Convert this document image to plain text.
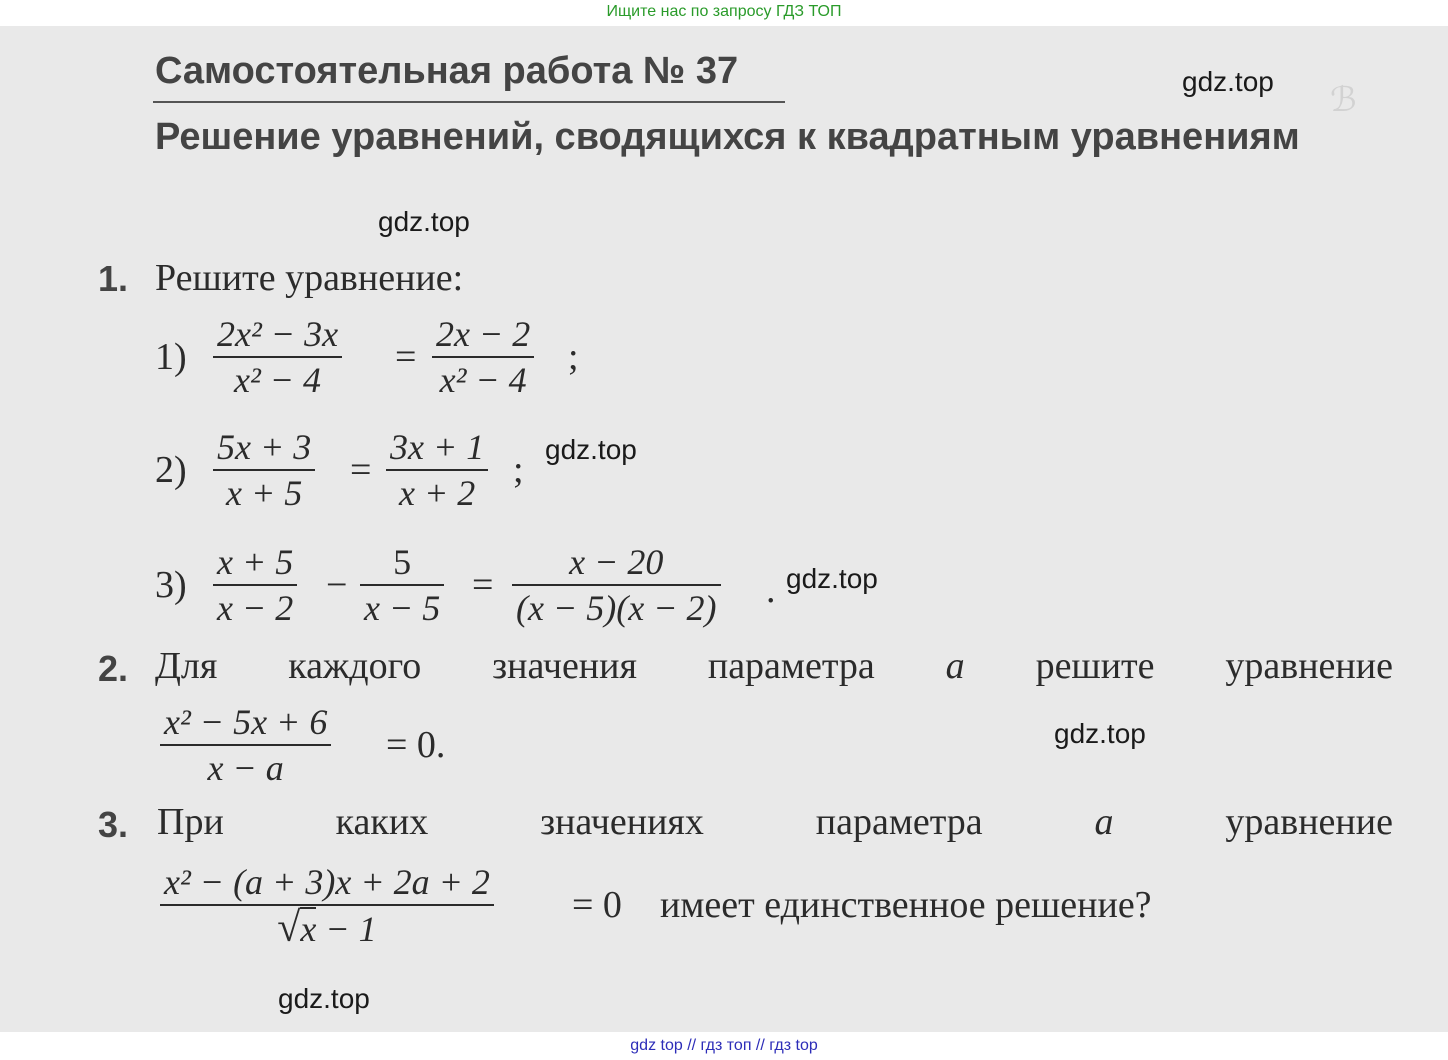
Ищите нас по запросу ГДЗ ТОП
ℬ
Самостоятельная работа № 37
Решение уравнений, сводящихся к квадратным уравнениям
gdz.top
gdz.top
gdz.top
gdz.top
gdz.top
gdz.top
1. Решите уравнение:
1)
2x² − 3x
x² − 4
=
2x − 2
x² − 4
;
2)
5x + 3
x + 5
=
3x + 1
x + 2
;
3)
x + 5
x − 2
−
5
x − 5
=
x − 20
(x − 5)(x − 2) .
2. Для каждого значения параметра a решите уравнение
x² − 5x + 6
x − a
= 0.
3. При	каких	значениях	параметра	a	уравнение
x² − (a + 3)x + 2a + 2
√x − 1
= 0 имеет единственное решение?
gdz top // гдз топ // гдз top
